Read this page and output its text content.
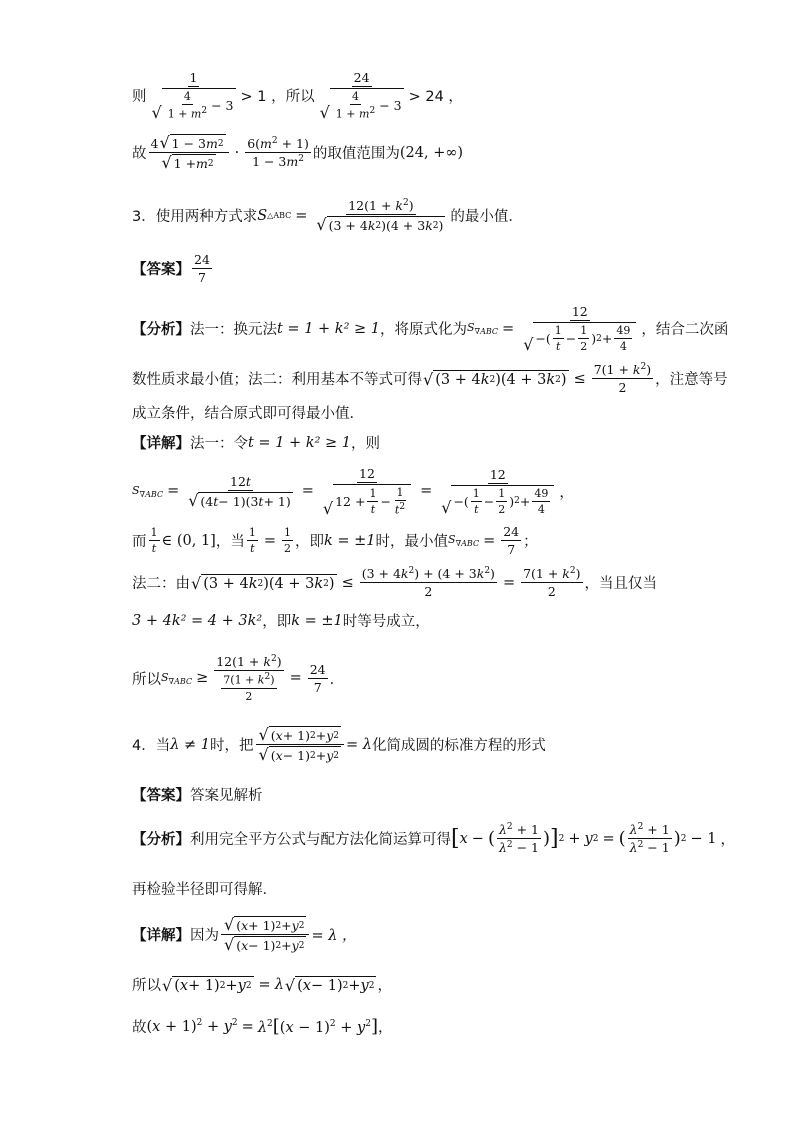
则 $\frac{1}{√ \frac{4}{1 + m^2} - 3} > 1$ ，所以 $\frac{24}{√ \frac{4}{1 + m^2} - 3} > 24$ ，
故 $\frac{4 √ 1 - 3 m 2}{√ 1 + m 2} \cdot \frac{6(m^2 + 1)}{1 - 3m^2}$ 的取值范围为 (24, +∞)
3． 使用两种方式求 S △ABC = $\frac{12(1 + k^2)}{√ (3 + 4 k 2 )(4 + 3 k 2 )}$ 的最小值．
【答案】 $\frac{24}{7}$
【分析】 法一：换元法 t = 1 + k² ≥ 1 ，将原式化为 $S_{\nabla ABC} = \frac{12}{√ -( \frac{1}{t} - \frac{1}{2} ) 2 + \frac{49}{4}}$ ，结合二次函
数性质求最小值；法二：利用基本不等式可得 √ (3 + 4 k 2 )(4 + 3 k 2 ) ≤ $\frac{7(1 + k^2)}{2}$ ，注意等号
成立条件，结合原式即可得最小值．
【详解】 法一：令 t = 1 + k² ≥ 1 ，则
$S_{\nabla ABC} = \frac{12t}{√ (4 t - 1)(3 t + 1)} = \frac{12}{√ 12 + \frac{1}{t} - \frac{1}{t^2}} = \frac{12}{√ -( \frac{1}{t} - \frac{1}{2} ) 2 + \frac{49}{4}}$ ，
而 $\frac{1}{t}$ ∈ (0, 1] ，当 $\frac{1}{t} = \frac{1}{2}$ ，即 k = ±1 时，最小值 $S_{\nabla ABC} = \frac{24}{7}$ ；
法二：由 √ (3 + 4 k 2 )(4 + 3 k 2 ) ≤ $\frac{(3 + 4k^2) + (4 + 3k^2)}{2} = \frac{7(1 + k^2)}{2}$ ，当且仅当
3 + 4k² = 4 + 3k² ，即 k = ±1 时等号成立，
所以 $S_{\nabla ABC} \ge \frac{12(1 + k^2)}{\frac{7(1 + k^2)}{2}} = \frac{24}{7}$ ．
4． 当 λ ≠ 1 时，把 $\frac{√ ( x + 1) 2 + y 2}{√ ( x - 1) 2 + y 2} = \lambda$ 化简成圆的标准方程的形式
【答案】 答案见解析
【分析】 利用完全平方公式与配方法化简运算可得 [ x − ( $\frac{\lambda^2 + 1}{\lambda^2 - 1}$ ) ] 2 + y 2 = ( $\frac{\lambda^2 + 1}{\lambda^2 - 1}$ ) 2 − 1 ，
再检验半径即可得解．
【详解】 因为 $\frac{√ ( x + 1) 2 + y 2}{√ ( x - 1) 2 + y 2} = \lambda$ ，
所以 √ ( x + 1) 2 + y 2 = λ √ ( x − 1) 2 + y 2 ，
故 $(x + 1)^2 + y^2 = \lambda^2[(x - 1)^2 + y^2]$ ，
